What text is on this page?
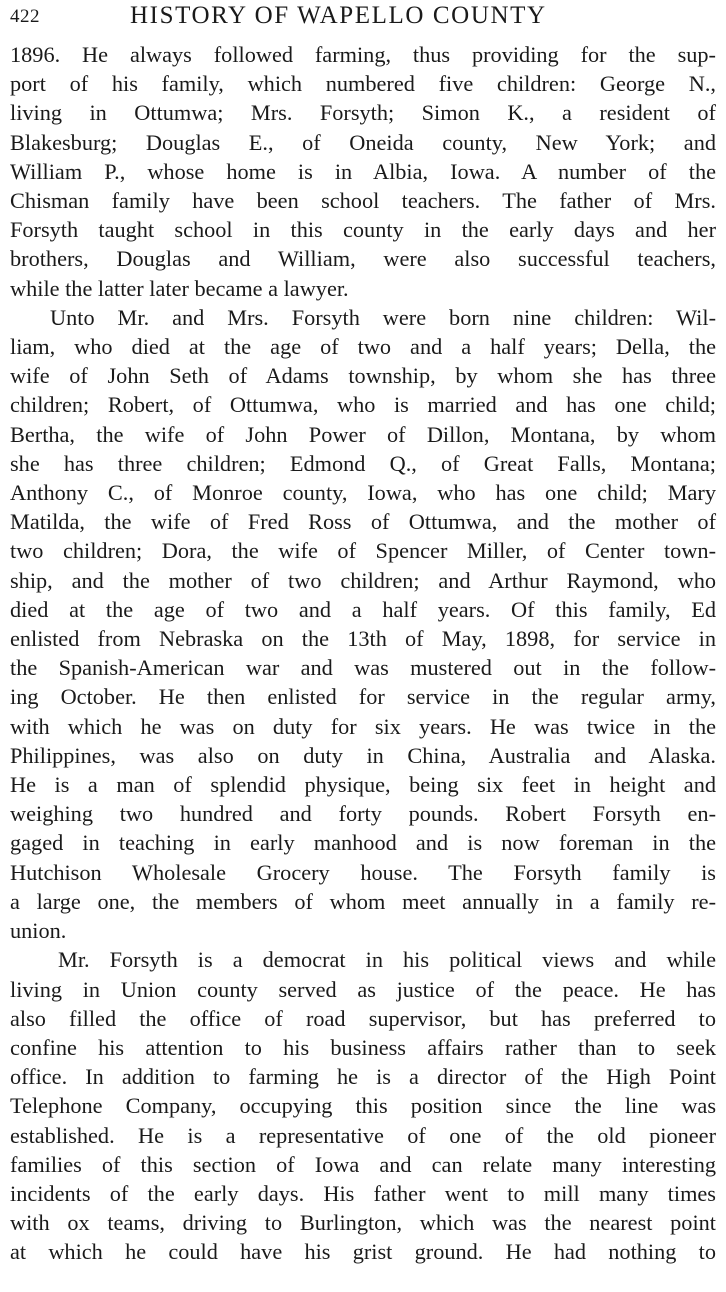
422	HISTORY OF WAPELLO COUNTY
1896. He always followed farming, thus providing for the sup-
port of his family, which numbered five children: George N.,
living in Ottumwa; Mrs. Forsyth; Simon K., a resident of
Blakesburg; Douglas E., of Oneida county, New York; and
William P., whose home is in Albia, Iowa. A number of the
Chisman family have been school teachers. The father of Mrs.
Forsyth taught school in this county in the early days and her
brothers, Douglas and William, were also successful teachers,
while the latter later became a lawyer.
Unto Mr. and Mrs. Forsyth were born nine children: Wil-
liam, who died at the age of two and a half years; Della, the
wife of John Seth of Adams township, by whom she has three
children; Robert, of Ottumwa, who is married and has one child;
Bertha, the wife of John Power of Dillon, Montana, by whom
she has three children; Edmond Q., of Great Falls, Montana;
Anthony C., of Monroe county, Iowa, who has one child; Mary
Matilda, the wife of Fred Ross of Ottumwa, and the mother of
two children; Dora, the wife of Spencer Miller, of Center town-
ship, and the mother of two children; and Arthur Raymond, who
died at the age of two and a half years. Of this family, Ed
enlisted from Nebraska on the 13th of May, 1898, for service in
the Spanish-American war and was mustered out in the follow-
ing October. He then enlisted for service in the regular army,
with which he was on duty for six years. He was twice in the
Philippines, was also on duty in China, Australia and Alaska.
He is a man of splendid physique, being six feet in height and
weighing two hundred and forty pounds. Robert Forsyth en-
gaged in teaching in early manhood and is now foreman in the
Hutchison Wholesale Grocery house. The Forsyth family is
a large one, the members of whom meet annually in a family re-
union.
Mr. Forsyth is a democrat in his political views and while
living in Union county served as justice of the peace. He has
also filled the office of road supervisor, but has preferred to
confine his attention to his business affairs rather than to seek
office. In addition to farming he is a director of the High Point
Telephone Company, occupying this position since the line was
established. He is a representative of one of the old pioneer
families of this section of Iowa and can relate many interesting
incidents of the early days. His father went to mill many times
with ox teams, driving to Burlington, which was the nearest point
at which he could have his grist ground. He had nothing to
